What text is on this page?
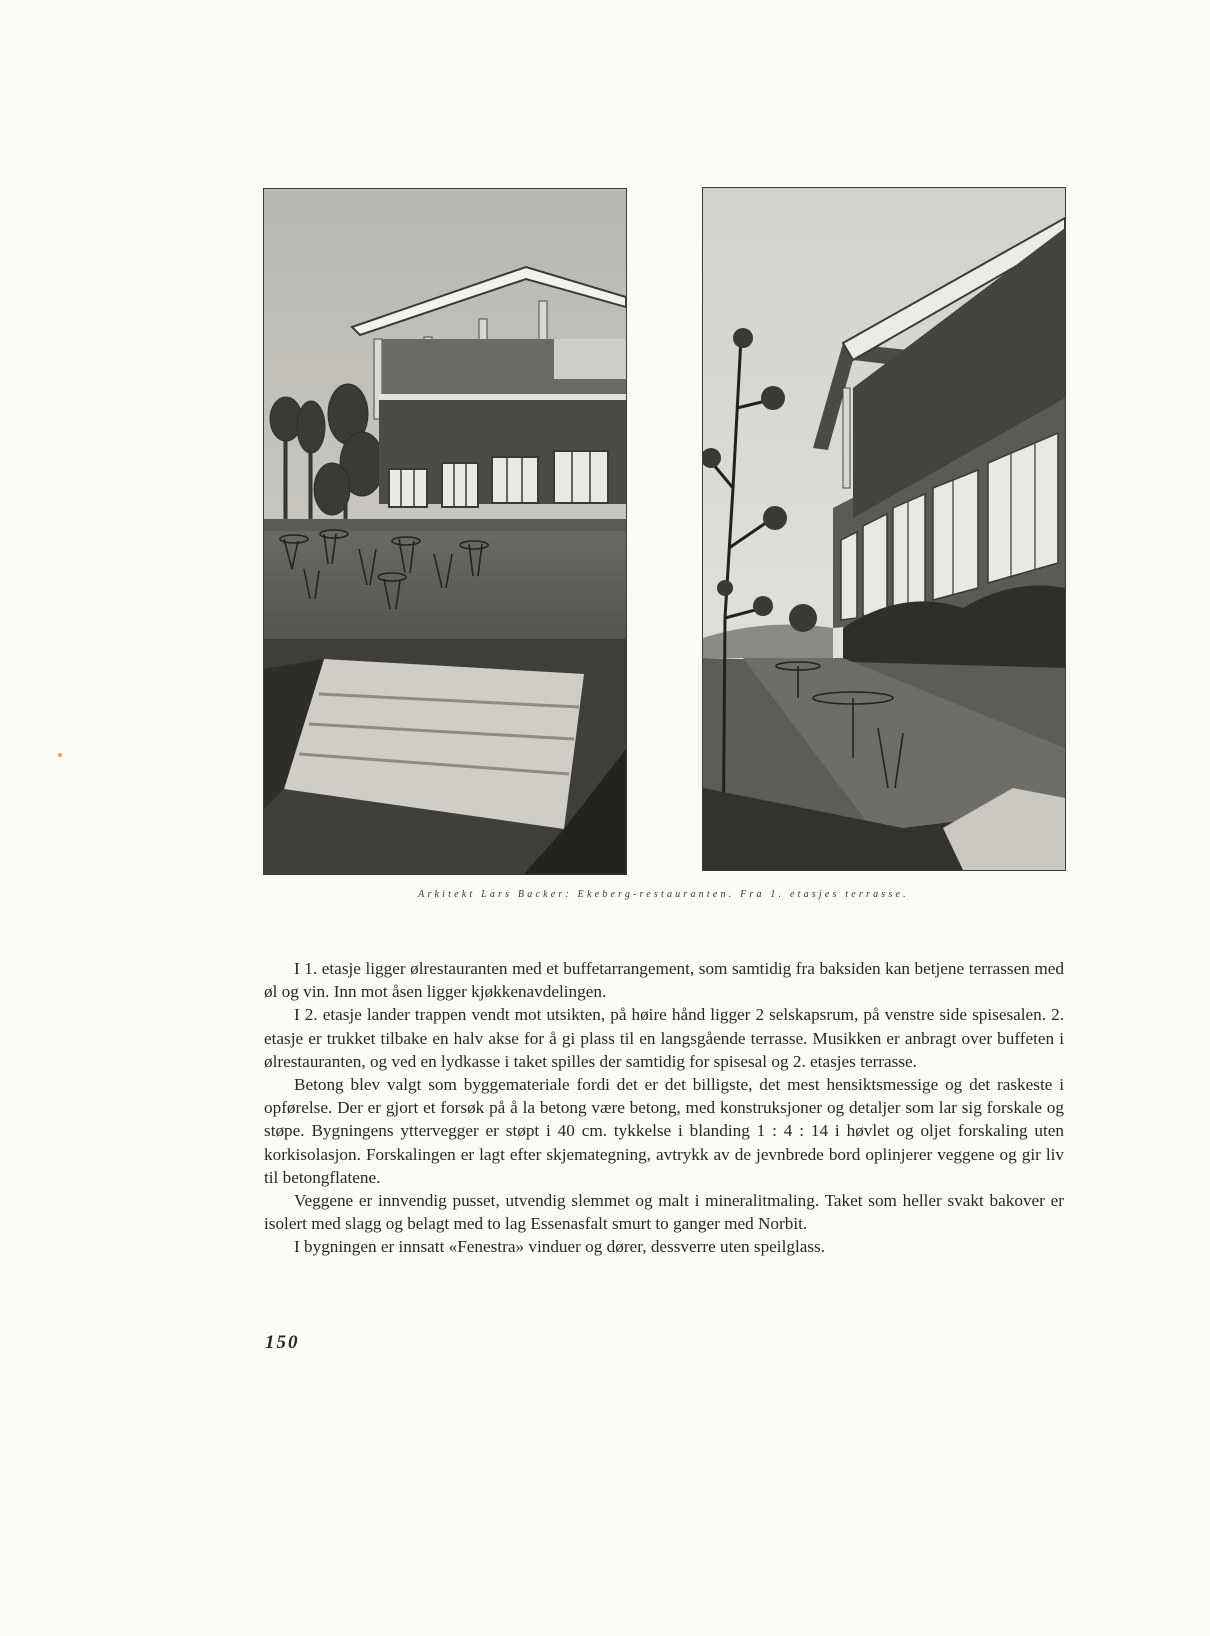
Arkitekt Lars Backer: Ekeberg-restauranten. Fra 1. etasjes terrasse.

I 1. etasje ligger ølrestauranten med et buffetarrangement, som samtidig fra baksiden kan betjene terrassen med øl og vin. Inn mot åsen ligger kjøkkenavdelingen.

I 2. etasje lander trappen vendt mot utsikten, på høire hånd ligger 2 selskapsrum, på venstre side spisesalen. 2. etasje er trukket tilbake en halv akse for å gi plass til en langsgående terrasse. Musikken er anbragt over buffeten i ølrestauranten, og ved en lydkasse i taket spilles der samtidig for spisesal og 2. etasjes terrasse.

Betong blev valgt som byggemateriale fordi det er det billigste, det mest hensiktsmessige og det raskeste i opførelse. Der er gjort et forsøk på å la betong være betong, med konstruksjoner og detaljer som lar sig forskale og støpe. Bygningens yttervegger er støpt i 40 cm. tykkelse i blanding 1 : 4 : 14 i høvlet og oljet forskaling uten korkisolasjon. Forskalingen er lagt efter skjemategning, avtrykk av de jevnbrede bord oplinjerer veggene og gir liv til betongflatene.

Veggene er innvendig pusset, utvendig slemmet og malt i mineralitmaling. Taket som heller svakt bakover er isolert med slagg og belagt med to lag Essenasfalt smurt to ganger med Norbit.

I bygningen er innsatt «Fenestra» vinduer og dører, dessverre uten speilglass.

150
